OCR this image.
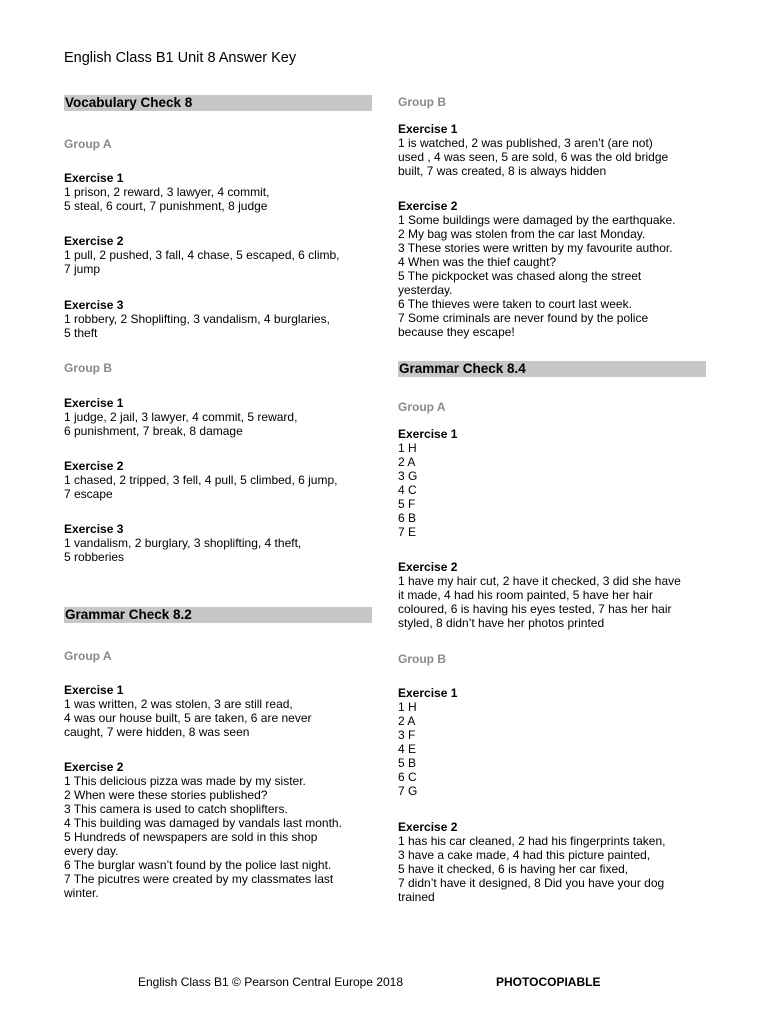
English Class B1 Unit 8 Answer Key
Vocabulary Check 8
Group A
Exercise 1
1 prison, 2 reward, 3 lawyer, 4 commit,
5 steal, 6 court, 7 punishment, 8 judge
Exercise 2
1 pull, 2 pushed, 3 fall, 4 chase, 5 escaped, 6 climb,
7 jump
Exercise 3
1 robbery, 2 Shoplifting, 3 vandalism, 4 burglaries,
5 theft
Group B
Exercise 1
1 judge, 2 jail, 3 lawyer, 4 commit, 5 reward,
6 punishment, 7 break, 8 damage
Exercise 2
1 chased, 2 tripped, 3 fell, 4 pull, 5 climbed, 6 jump,
7 escape
Exercise 3
1 vandalism, 2 burglary, 3 shoplifting, 4 theft,
5 robberies
Grammar Check 8.2
Group A
Exercise 1
1 was written, 2 was stolen, 3 are still read,
4 was our house built, 5 are taken, 6 are never
caught, 7 were hidden, 8 was seen
Exercise 2
1 This delicious pizza was made by my sister.
2 When were these stories published?
3 This camera is used to catch shoplifters.
4 This building was damaged by vandals last month.
5 Hundreds of newspapers are sold in this shop
every day.
6 The burglar wasn’t found by the police last night.
7 The picutres were created by my classmates last
winter.
Group B
Exercise 1
1 is watched, 2 was published, 3 aren’t (are not)
used , 4 was seen, 5 are sold, 6 was the old bridge
built, 7 was created, 8 is always hidden
Exercise 2
1 Some buildings were damaged by the earthquake.
2 My bag was stolen from the car last Monday.
3 These stories were written by my favourite author.
4 When was the thief caught?
5 The pickpocket was chased along the street
yesterday.
6 The thieves were taken to court last week.
7 Some criminals are never found by the police
because they escape!
Grammar Check 8.4
Group A
Exercise 1
1 H
2 A
3 G
4 C
5 F
6 B
7 E
Exercise 2
1 have my hair cut, 2 have it checked, 3 did she have
it made, 4 had his room painted, 5 have her hair
coloured, 6 is having his eyes tested, 7 has her hair
styled, 8 didn’t have her photos printed
Group B
Exercise 1
1 H
2 A
3 F
4 E
5 B
6 C
7 G
Exercise 2
1 has his car cleaned, 2 had his fingerprints taken,
3 have a cake made, 4 had this picture painted,
5 have it checked, 6 is having her car fixed,
7 didn’t have it designed, 8 Did you have your dog
trained
English Class B1 © Pearson Central Europe 2018	PHOTOCOPIABLE
